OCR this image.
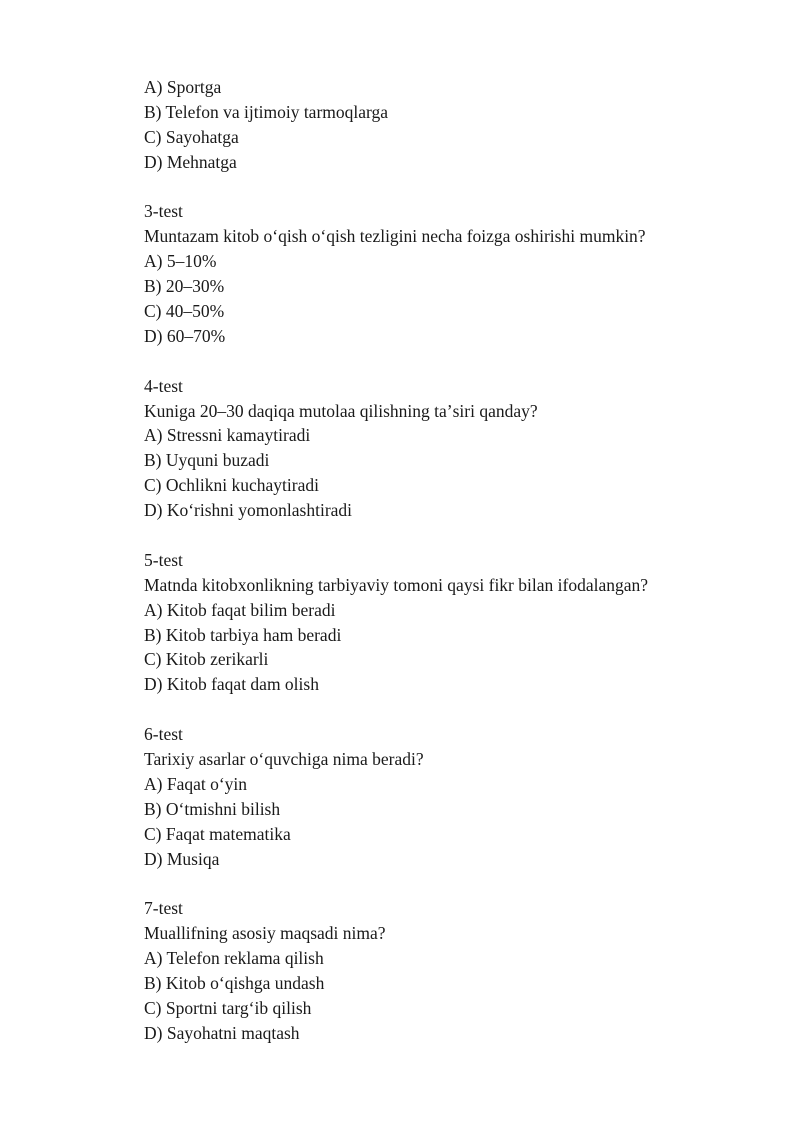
A) Sportga
B) Telefon va ijtimoiy tarmoqlarga
C) Sayohatga
D) Mehnatga
3-test
Muntazam kitob oʻqish oʻqish tezligini necha foizga oshirishi mumkin?
A) 5–10%
B) 20–30%
C) 40–50%
D) 60–70%
4-test
Kuniga 20–30 daqiqa mutolaa qilishning taʼsiri qanday?
A) Stressni kamaytiradi
B) Uyquni buzadi
C) Ochlikni kuchaytiradi
D) Koʻrishni yomonlashtiradi
5-test
Matnda kitobxonlikning tarbiyaviy tomoni qaysi fikr bilan ifodalangan?
A) Kitob faqat bilim beradi
B) Kitob tarbiya ham beradi
C) Kitob zerikarli
D) Kitob faqat dam olish
6-test
Tarixiy asarlar oʻquvchiga nima beradi?
A) Faqat oʻyin
B) Oʻtmishni bilish
C) Faqat matematika
D) Musiqa
7-test
Muallifning asosiy maqsadi nima?
A) Telefon reklama qilish
B) Kitob oʻqishga undash
C) Sportni targʻib qilish
D) Sayohatni maqtash
